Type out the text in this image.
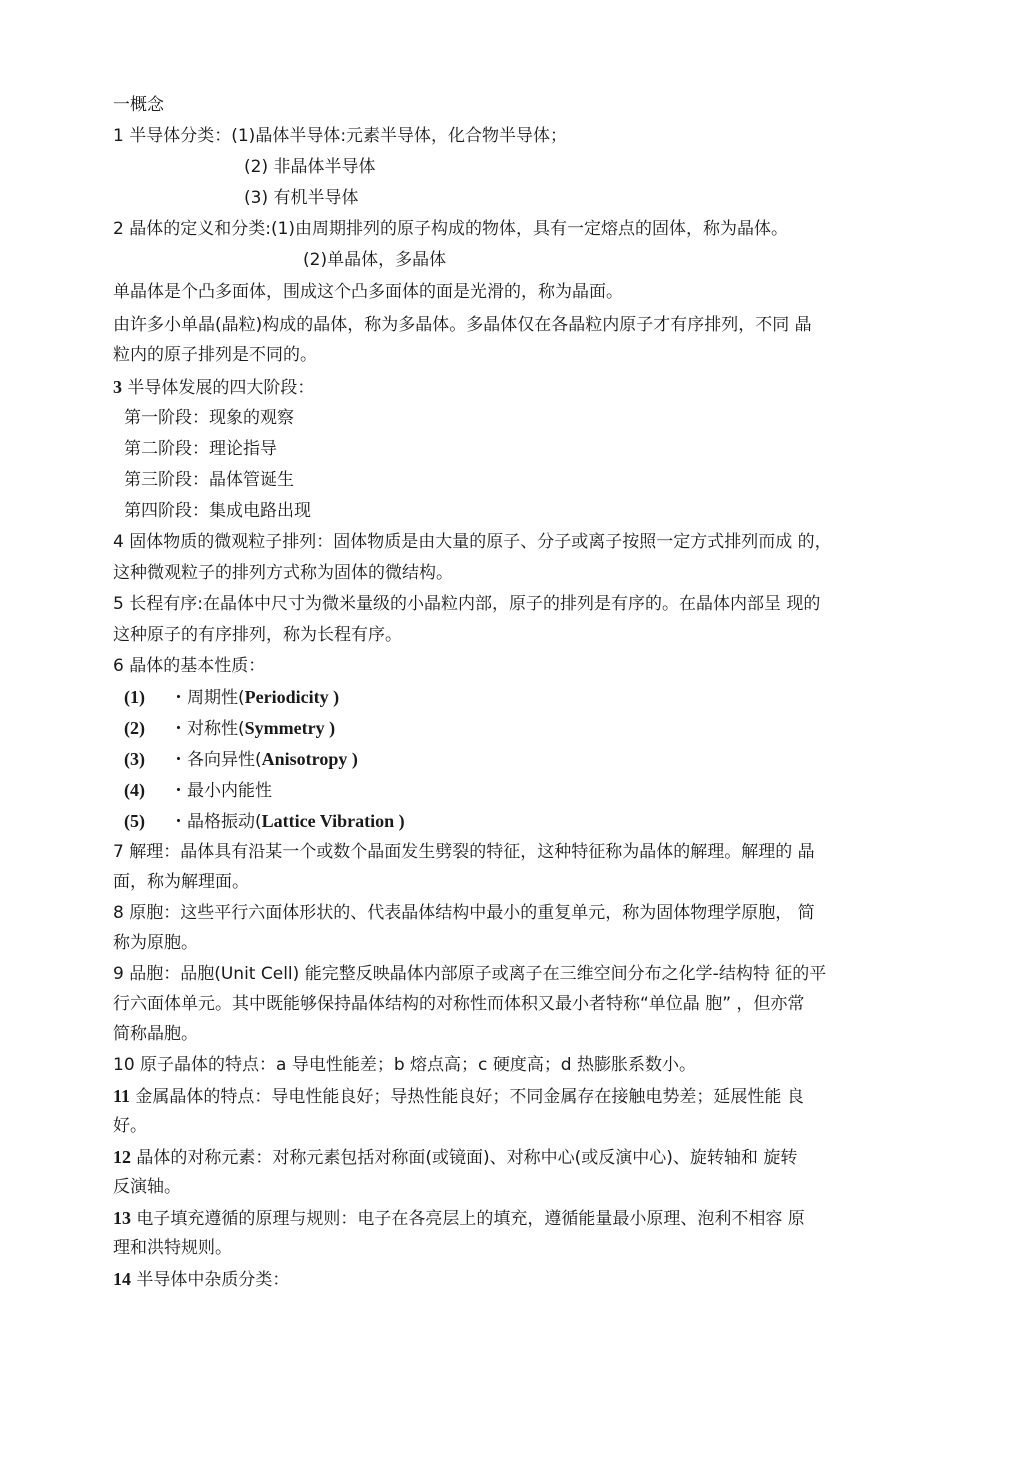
一概念
1 半导体分类：(1)晶体半导体:元素半导体，化合物半导体；
(2) 非晶体半导体
(3) 有机半导体
2 晶体的定义和分类:(1)由周期排列的原子构成的物体，具有一定熔点的固体，称为晶体。
(2)单晶体，多晶体
单晶体是个凸多面体，围成这个凸多面体的面是光滑的，称为晶面。
由许多小单晶(晶粒)构成的晶体，称为多晶体。多晶体仅在各晶粒内原子才有序排列，不同 晶
粒内的原子排列是不同的。
3 半导体发展的四大阶段：
第一阶段：现象的观察
第二阶段：理论指导
第三阶段：晶体管诞生
第四阶段：集成电路出现
4 固体物质的微观粒子排列：固体物质是由大量的原子、分子或离子按照一定方式排列而成 的，
这种微观粒子的排列方式称为固体的微结构。
5 长程有序:在晶体中尺寸为微米量级的小晶粒内部，原子的排列是有序的。在晶体内部呈 现的
这种原子的有序排列，称为长程有序。
6 晶体的基本性质：
(1) ・周期性(Periodicity )
(2) ・对称性(Symmetry )
(3) ・各向异性(Anisotropy )
(4) ・最小内能性
(5) ・晶格振动(Lattice Vibration )
7 解理：晶体具有沿某一个或数个晶面发生劈裂的特征，这种特征称为晶体的解理。解理的 晶
面，称为解理面。
8 原胞：这些平行六面体形状的、代表晶体结构中最小的重复单元，称为固体物理学原胞， 简
称为原胞。
9 品胞：品胞(Unit Cell) 能完整反映晶体内部原子或离子在三维空间分布之化学-结构特 征的平
行六面体单元。其中既能够保持晶体结构的对称性而体积又最小者特称“单位晶 胞” ，但亦常
简称晶胞。
10 原子晶体的特点：a 导电性能差；b 熔点高；c 硬度高；d 热膨胀系数小。
11 金属晶体的特点：导电性能良好；导热性能良好；不同金属存在接触电势差；延展性能 良
好。
12 晶体的对称元素：对称元素包括对称面(或镜面)、对称中心(或反演中心)、旋转轴和 旋转
反演轴。
13 电子填充遵循的原理与规则：电子在各亮层上的填充，遵循能量最小原理、泡利不相容 原
理和洪特规则。
14 半导体中杂质分类：
